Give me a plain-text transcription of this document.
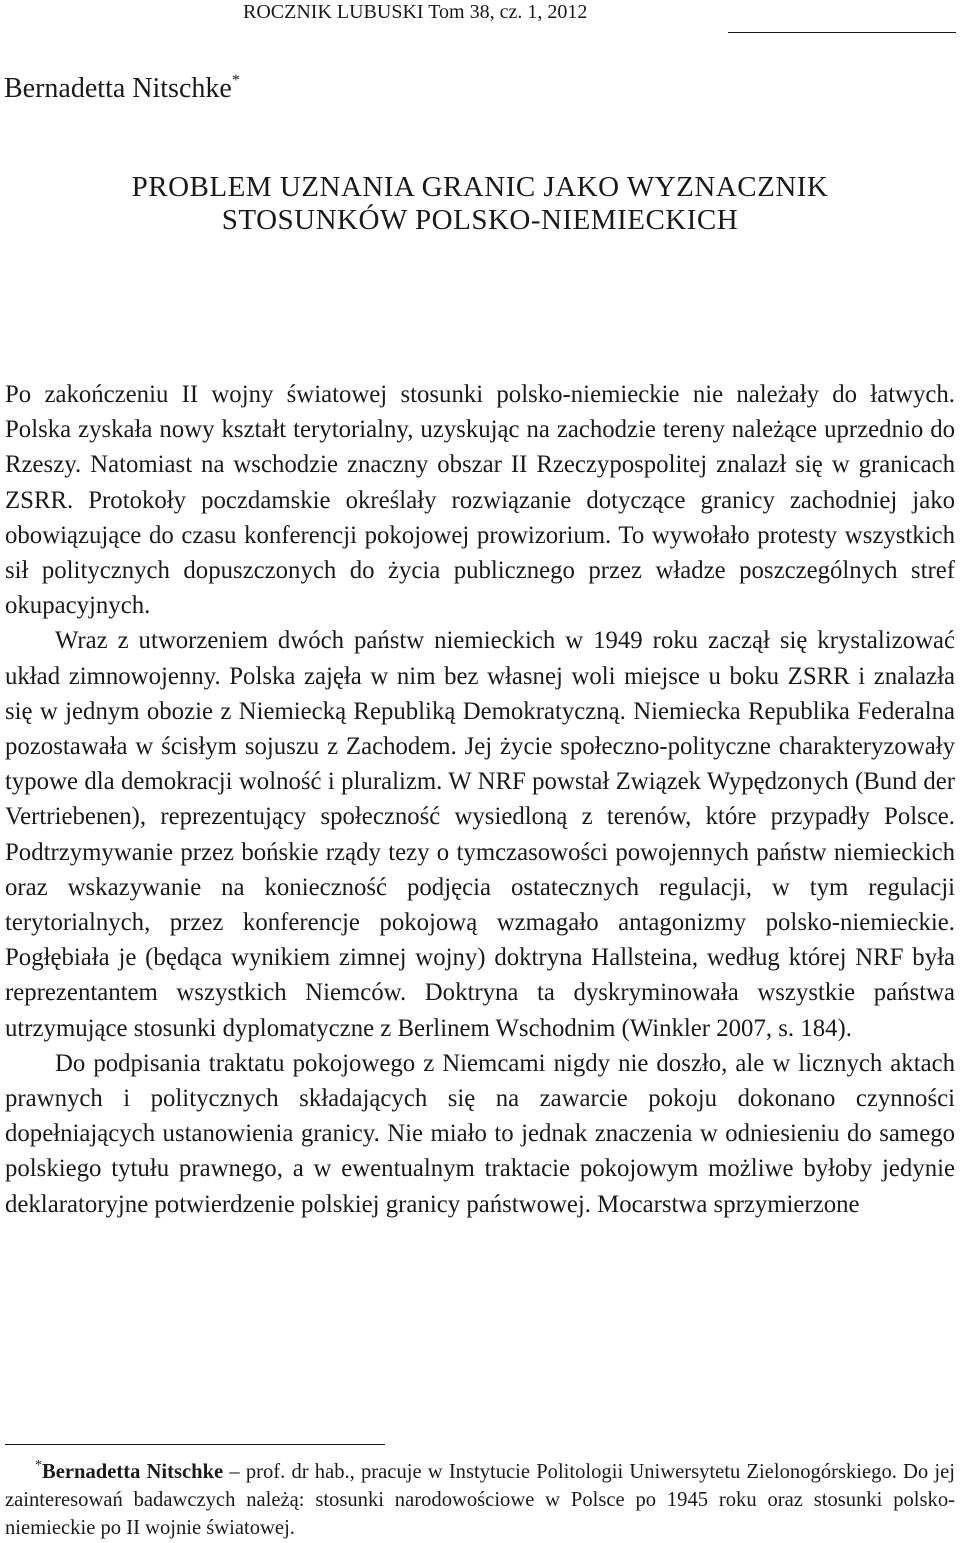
ROCZNIK LUBUSKI Tom 38, cz. 1, 2012
Bernadetta Nitschke*
PROBLEM UZNANIA GRANIC JAKO WYZNACZNIK
STOSUNKÓW POLSKO-NIEMIECKICH

Po zakończeniu II wojny światowej stosunki polsko-niemieckie nie należały do łatwych. Polska zyskała nowy kształt terytorialny, uzyskując na zachodzie tereny należące uprzednio do Rzeszy. Natomiast na wschodzie znaczny obszar II Rzeczypospolitej znalazł się w granicach ZSRR. Protokoły poczdamskie określały rozwiązanie dotyczące granicy zachodniej jako obowiązujące do czasu konferencji pokojowej prowizorium. To wywołało protesty wszystkich sił politycznych dopuszczonych do życia publicznego przez władze poszczególnych stref okupacyjnych.

Wraz z utworzeniem dwóch państw niemieckich w 1949 roku zaczął się krystalizować układ zimnowojenny. Polska zajęła w nim bez własnej woli miejsce u boku ZSRR i znalazła się w jednym obozie z Niemiecką Republiką Demokratyczną. Niemiecka Republika Federalna pozostawała w ścisłym sojuszu z Zachodem. Jej życie społeczno-polityczne charakteryzowały typowe dla demokracji wolność i pluralizm. W NRF powstał Związek Wypędzonych (Bund der Vertriebenen), reprezentujący społeczność wysiedloną z terenów, które przypadły Polsce. Podtrzymywanie przez bońskie rządy tezy o tymczasowości powojennych państw niemieckich oraz wskazywanie na konieczność podjęcia ostatecznych regulacji, w tym regulacji terytorialnych, przez konferencje pokojową wzmagało antagonizmy polsko-niemieckie. Pogłębiała je (będąca wynikiem zimnej wojny) doktryna Hallsteina, według której NRF była reprezentantem wszystkich Niemców. Doktryna ta dyskryminowała wszystkie państwa utrzymujące stosunki dyplomatyczne z Berlinem Wschodnim (Winkler 2007, s. 184).

Do podpisania traktatu pokojowego z Niemcami nigdy nie doszło, ale w licznych aktach prawnych i politycznych składających się na zawarcie pokoju dokonano czynności dopełniających ustanowienia granicy. Nie miało to jednak znaczenia w odniesieniu do samego polskiego tytułu prawnego, a w ewentualnym traktacie pokojowym możliwe byłoby jedynie deklaratoryjne potwierdzenie polskiej granicy państwowej. Mocarstwa sprzymierzone

*Bernadetta Nitschke – prof. dr hab., pracuje w Instytucie Politologii Uniwersytetu Zielonogórskiego. Do jej zainteresowań badawczych należą: stosunki narodowościowe w Polsce po 1945 roku oraz stosunki polsko-niemieckie po II wojnie światowej.
